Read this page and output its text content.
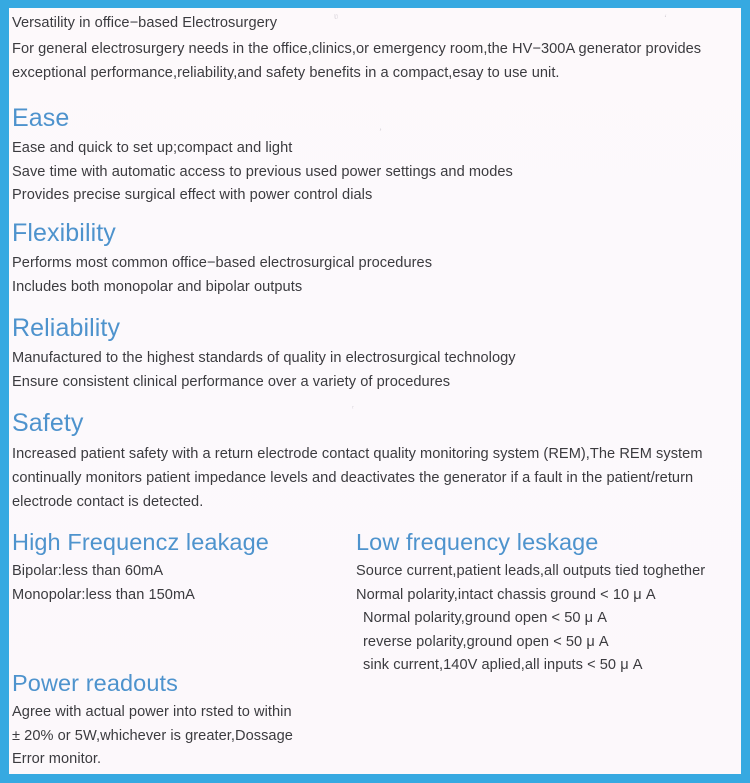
ʋ	ʻ
ʼ
ʳ

Versatility in office−based Electrosurgery

For general electrosurgery needs in the office,clinics,or emergency room,the HV−300A generator provides

exceptional performance,reliability,and safety benefits in a compact,esay to use unit.

Ease

Ease and quick to set up;compact and light

Save time with automatic access to previous used power settings and modes

Provides precise surgical effect with power control dials

Flexibility

Performs most common office−based electrosurgical procedures

Includes both monopolar and bipolar outputs

Reliability

Manufactured to the highest standards of quality in electrosurgical technology

Ensure consistent clinical performance over a variety of procedures

Safety

Increased patient safety with a return electrode contact quality monitoring system (REM),The REM system

continually monitors patient impedance levels and deactivates the generator if a fault in the patient/return

electrode contact is detected.

High Frequencz leakage

Bipolar:less than 60mA

Monopolar:less than 150mA

Low frequency leskage

Source current,patient leads,all outputs tied toghether

Normal polarity,intact chassis ground < 10 μ A

Normal polarity,ground open < 50 μ A

reverse polarity,ground open < 50 μ A

sink current,140V aplied,all inputs < 50 μ A

Power readouts

Agree with actual power into rsted to within

± 20% or 5W,whichever is greater,Dossage

Error monitor.
